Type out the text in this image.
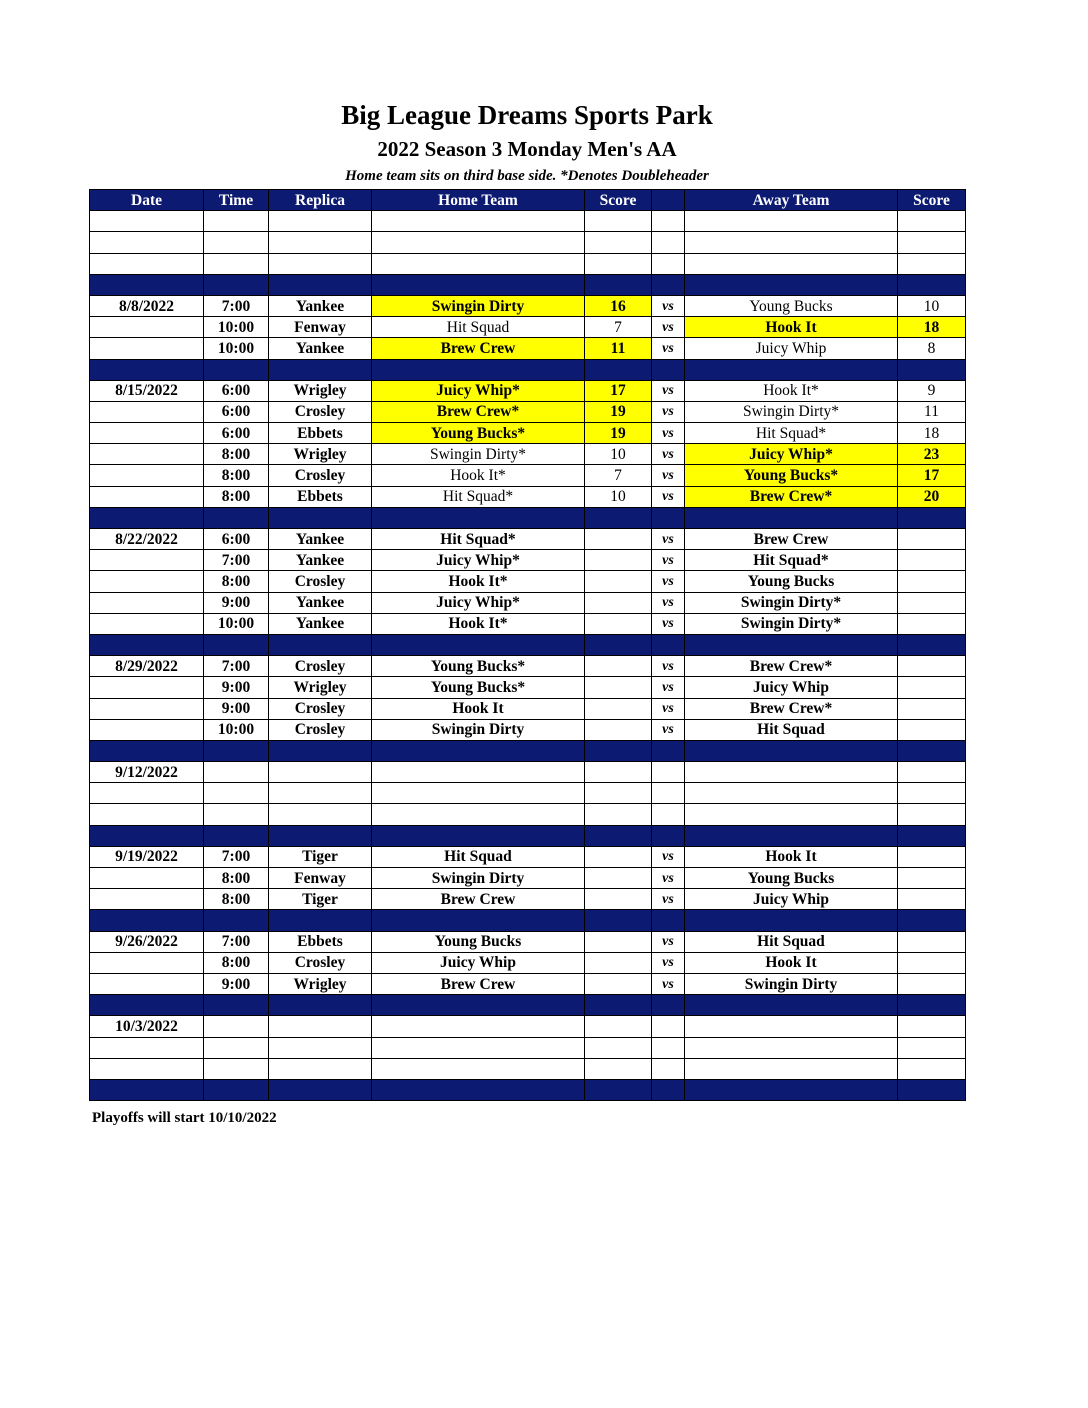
Big League Dreams Sports Park
2022 Season 3 Monday Men's AA
Home team sits on third base side. *Denotes Doubleheader
Date	Time	Replica	Home Team	Score		Away Team	Score

8/8/2022	7:00	Yankee	Swingin Dirty	16	vs	Young Bucks	10
	10:00	Fenway	Hit Squad	7	vs	Hook It	18
	10:00	Yankee	Brew Crew	11	vs	Juicy Whip	8

8/15/2022	6:00	Wrigley	Juicy Whip*	17	vs	Hook It*	9
	6:00	Crosley	Brew Crew*	19	vs	Swingin Dirty*	11
	6:00	Ebbets	Young Bucks*	19	vs	Hit Squad*	18
	8:00	Wrigley	Swingin Dirty*	10	vs	Juicy Whip*	23
	8:00	Crosley	Hook It*	7	vs	Young Bucks*	17
	8:00	Ebbets	Hit Squad*	10	vs	Brew Crew*	20

8/22/2022	6:00	Yankee	Hit Squad*		vs	Brew Crew	
	7:00	Yankee	Juicy Whip*		vs	Hit Squad*	
	8:00	Crosley	Hook It*		vs	Young Bucks	
	9:00	Yankee	Juicy Whip*		vs	Swingin Dirty*	
	10:00	Yankee	Hook It*		vs	Swingin Dirty*	

8/29/2022	7:00	Crosley	Young Bucks*		vs	Brew Crew*	
	9:00	Wrigley	Young Bucks*		vs	Juicy Whip	
	9:00	Crosley	Hook It		vs	Brew Crew*	
	10:00	Crosley	Swingin Dirty		vs	Hit Squad	

9/12/2022							

9/19/2022	7:00	Tiger	Hit Squad		vs	Hook It	
	8:00	Fenway	Swingin Dirty		vs	Young Bucks	
	8:00	Tiger	Brew Crew		vs	Juicy Whip	

9/26/2022	7:00	Ebbets	Young Bucks		vs	Hit Squad	
	8:00	Crosley	Juicy Whip		vs	Hook It	
	9:00	Wrigley	Brew Crew		vs	Swingin Dirty	

10/3/2022							

Playoffs will start 10/10/2022
